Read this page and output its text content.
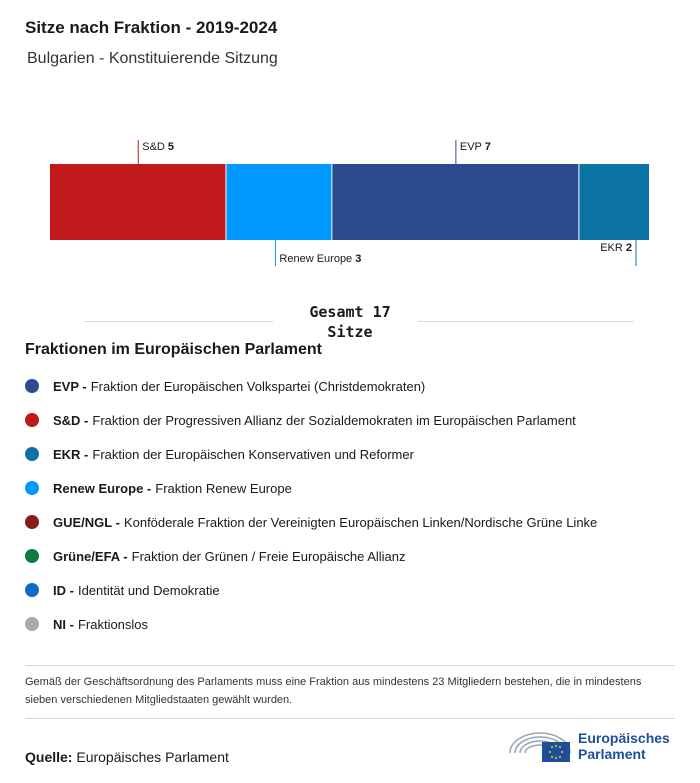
Sitze nach Fraktion - 2019-2024
Bulgarien - Konstituierende Sitzung
S&D 5
Renew Europe 3
EVP 7
EKR 2
Gesamt 17
Sitze
Fraktionen im Europäischen Parlament
EVP - Fraktion der Europäischen Volkspartei (Christdemokraten)
S&D - Fraktion der Progressiven Allianz der Sozialdemokraten im Europäischen Parlament
EKR - Fraktion der Europäischen Konservativen und Reformer
Renew Europe - Fraktion Renew Europe
GUE/NGL - Konföderale Fraktion der Vereinigten Europäischen Linken/Nordische Grüne Linke
Grüne/EFA - Fraktion der Grünen / Freie Europäische Allianz
ID - Identität und Demokratie
NI - Fraktionslos
Gemäß der Geschäftsordnung des Parlaments muss eine Fraktion aus mindestens 23 Mitgliedern bestehen, die in mindestens sieben verschiedenen Mitgliedstaaten gewählt wurden.
Quelle: Europäisches Parlament
Europäisches
Parlament
